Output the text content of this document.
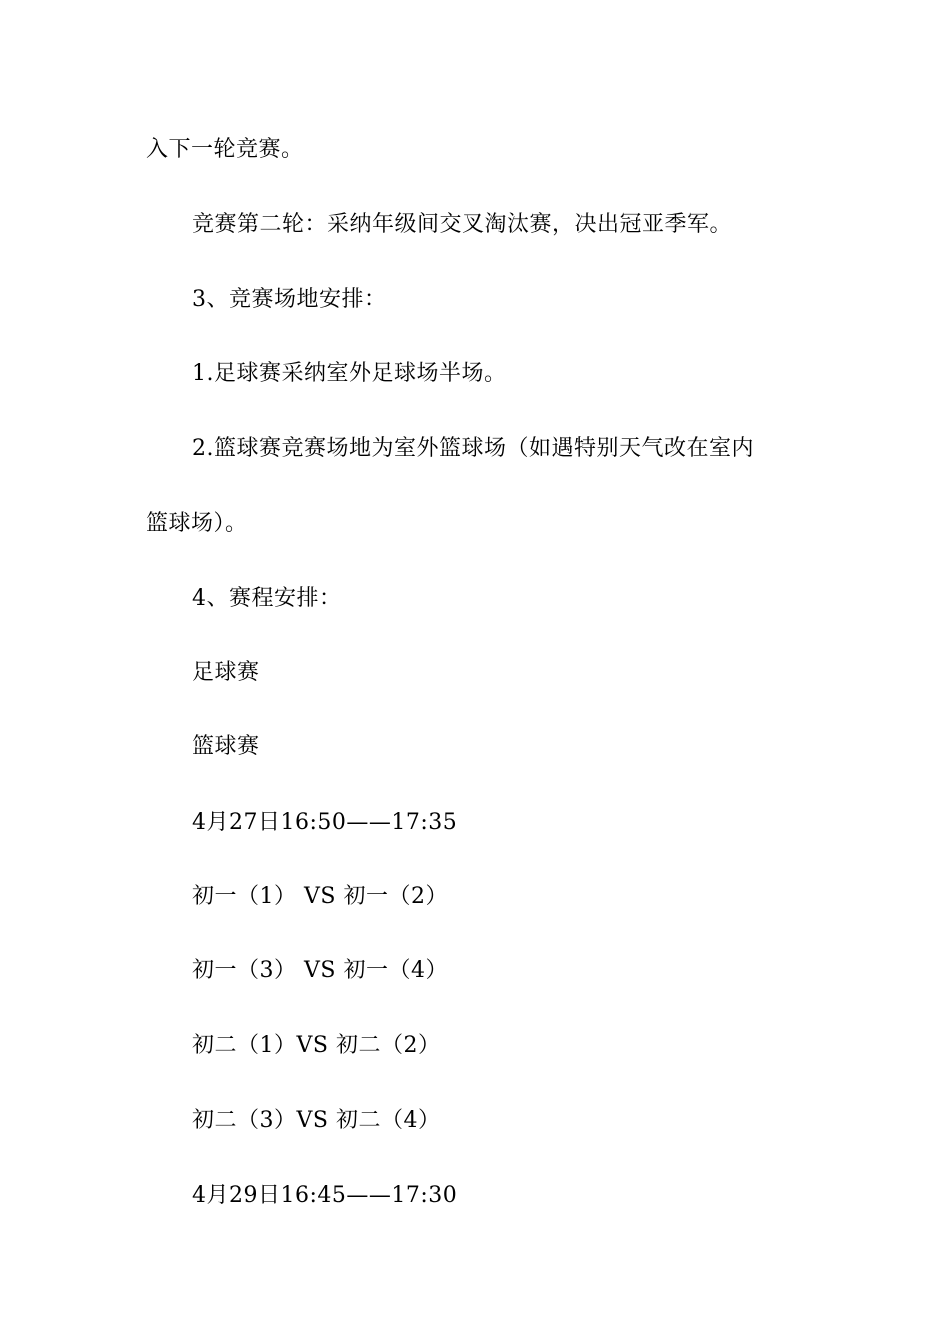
入下一轮竞赛。
竞赛第二轮：采纳年级间交叉淘汰赛，决出冠亚季军。
3、竞赛场地安排：
1.足球赛采纳室外足球场半场。
2.篮球赛竞赛场地为室外篮球场（如遇特别天气改在室内
篮球场）。
4、赛程安排：
足球赛
篮球赛
4月27日16:50——17:35
初一（1） VS 初一（2）
初一（3） VS 初一（4）
初二（1）VS 初二（2）
初二（3）VS 初二（4）
4月29日16:45——17:30
